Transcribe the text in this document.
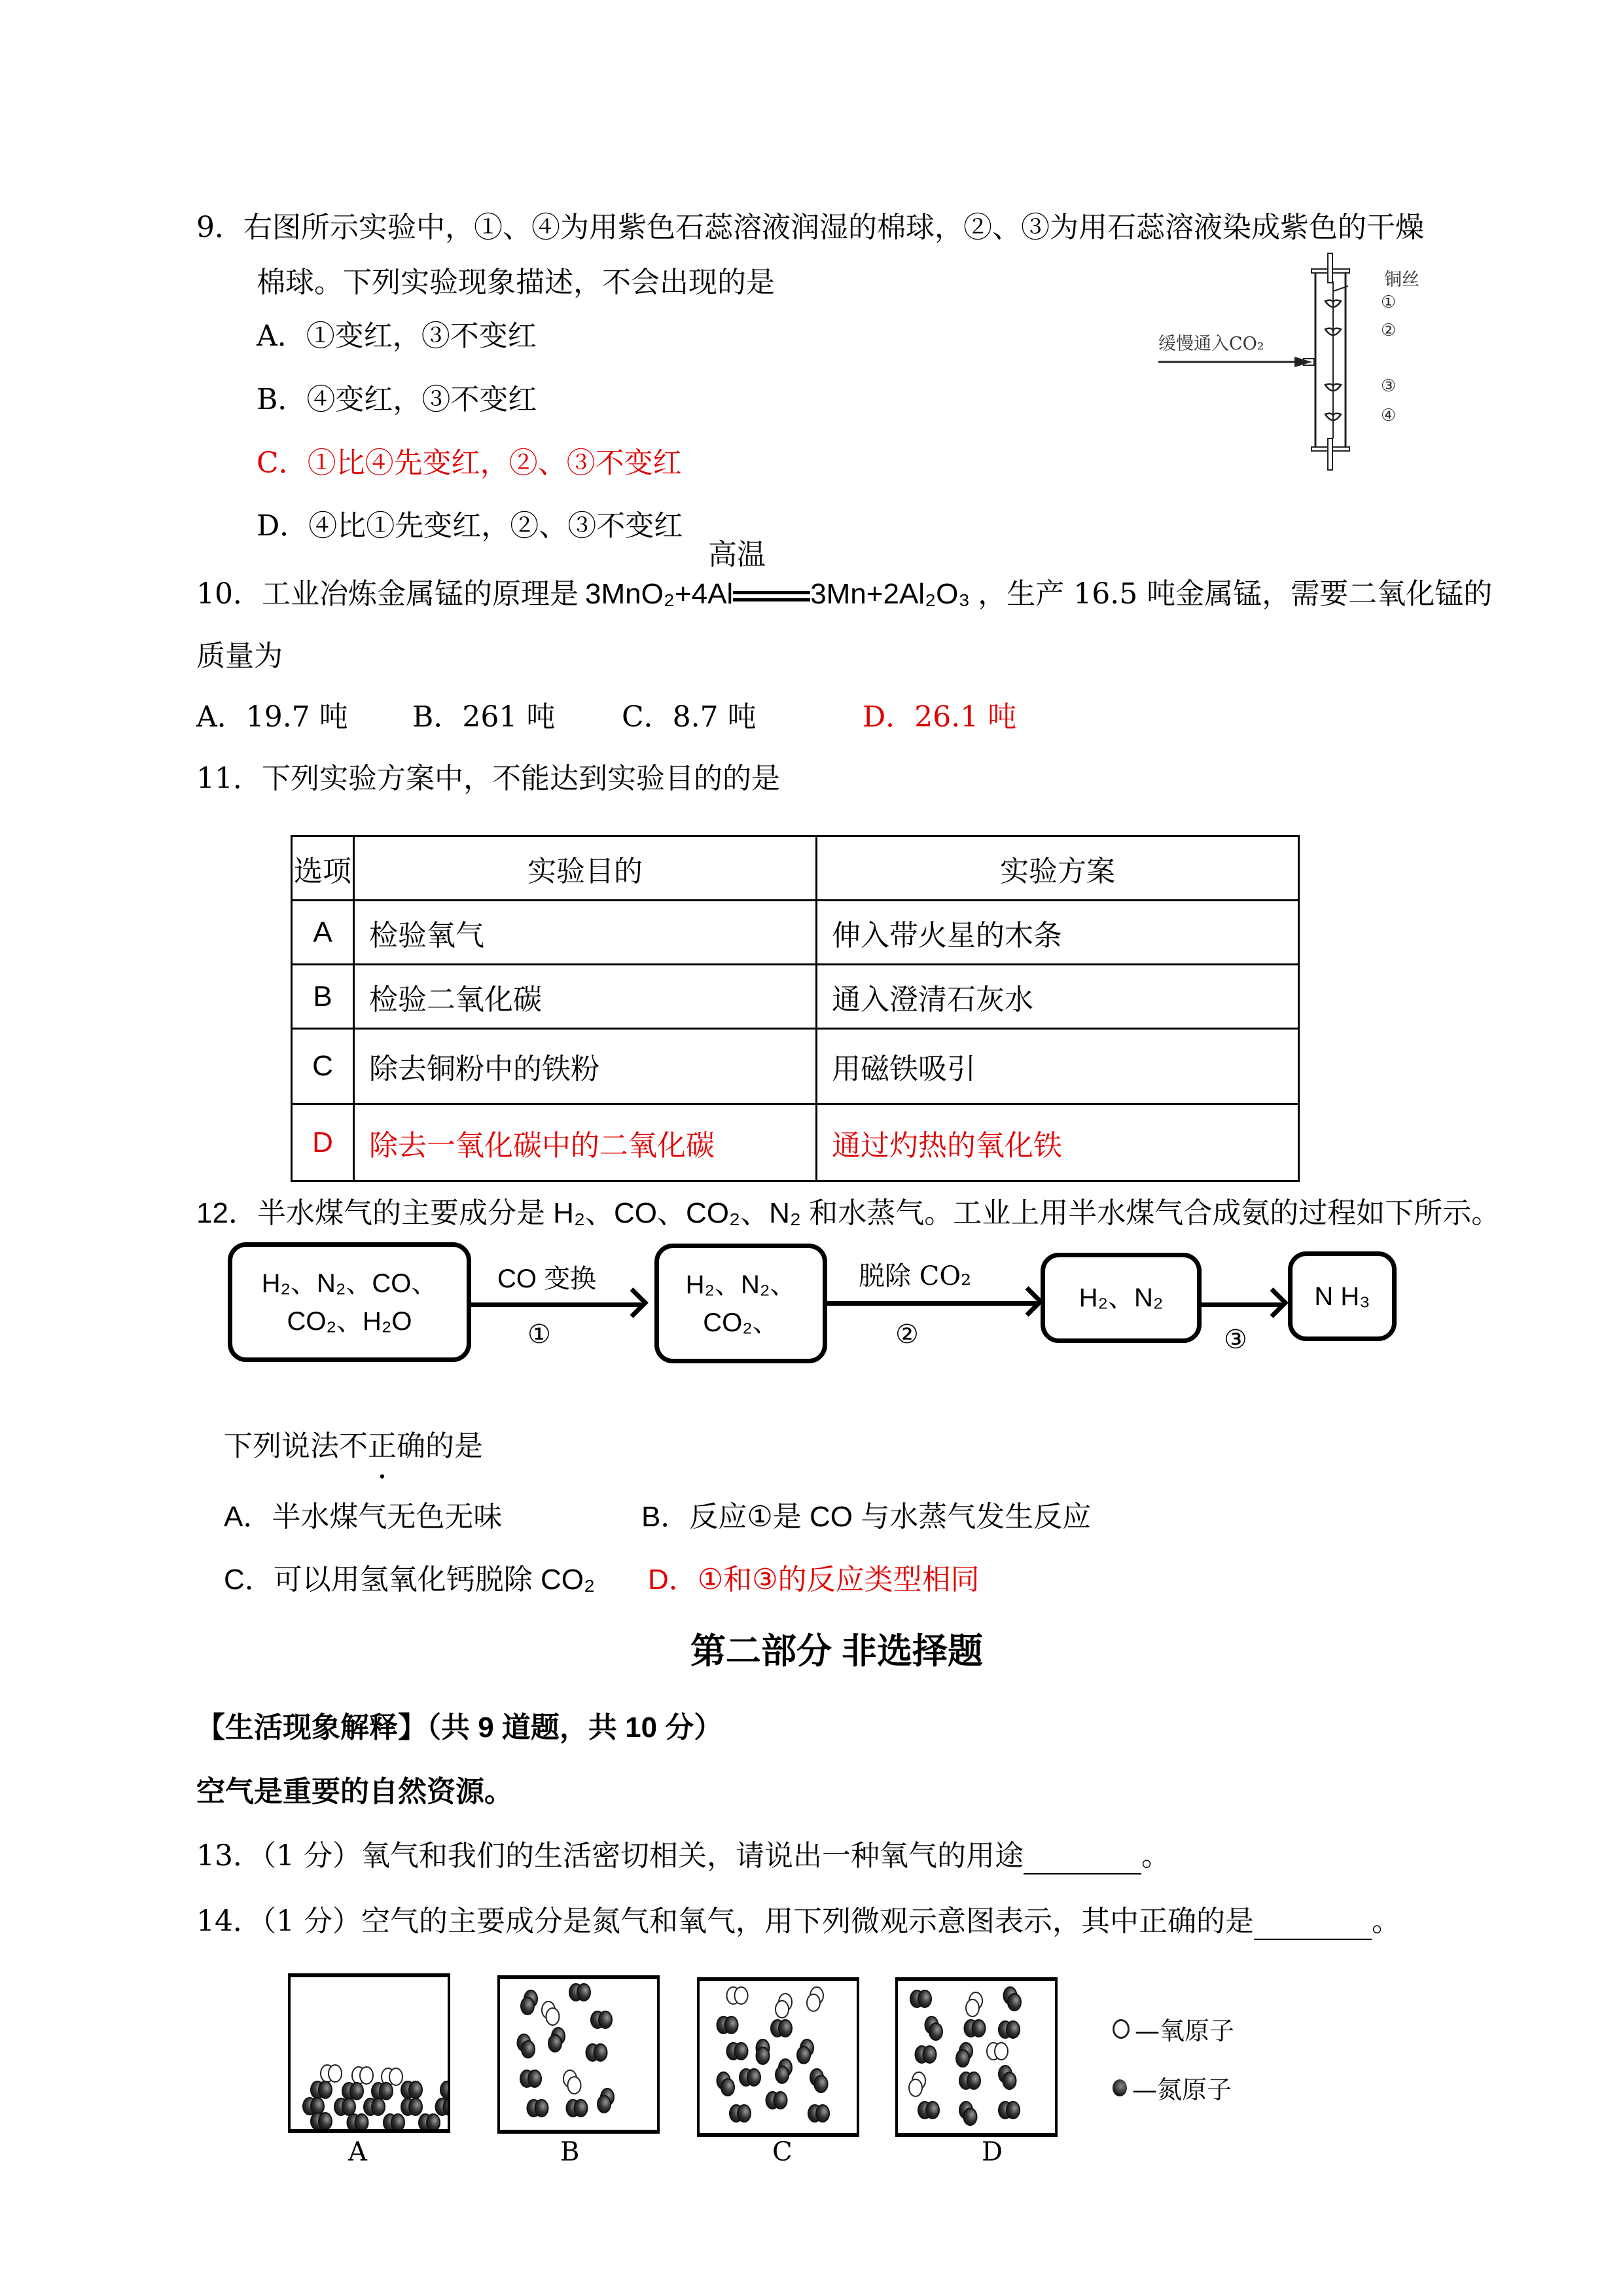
9．右图所示实验中，①、④为用紫色石蕊溶液润湿的棉球，②、③为用石蕊溶液染成紫色的干燥
棉球。下列实验现象描述，不会出现的是
A．①变红，③不变红
B．④变红，③不变红
C．①比④先变红，②、③不变红
D．④比①先变红，②、③不变红
缓慢通入CO₂
铜丝
①
②
③
④
高温
10．工业冶炼金属锰的原理是 3MnO₂+4Al	3Mn+2Al₂O₃ ，生产 16.5 吨金属锰，需要二氧化锰的
质量为
A．19.7 吨 B．261 吨 C．8.7 吨	D．26.1 吨
11．下列实验方案中，不能达到实验目的的是
选项	实验目的	实验方案
A	检验氧气	伸入带火星的木条
B	检验二氧化碳	通入澄清石灰水
C	除去铜粉中的铁粉	用磁铁吸引
D	除去一氧化碳中的二氧化碳	通过灼热的氧化铁
12．半水煤气的主要成分是 H₂、CO、CO₂、N₂ 和水蒸气。工业上用半水煤气合成氨的过程如下所示。
H₂、N₂、CO、
CO₂、H₂O
CO 变换
①
H₂、N₂、
CO₂、
脱除 CO₂
②
H₂、N₂
③
N H₃
下列说法不正确的是
A．半水煤气无色无味	B．反应①是 CO 与水蒸气发生反应
C．可以用氢氧化钙脱除 CO₂ D．①和③的反应类型相同
第二部分 非选择题
【生活现象解释】（共 9 道题，共 10 分）
空气是重要的自然资源。
13．（1 分）氧气和我们的生活密切相关，请说出一种氧气的用途	。
14．（1 分）空气的主要成分是氮气和氧气，用下列微观示意图表示，其中正确的是	。
A	B	C	D
—氧原子
—氮原子
